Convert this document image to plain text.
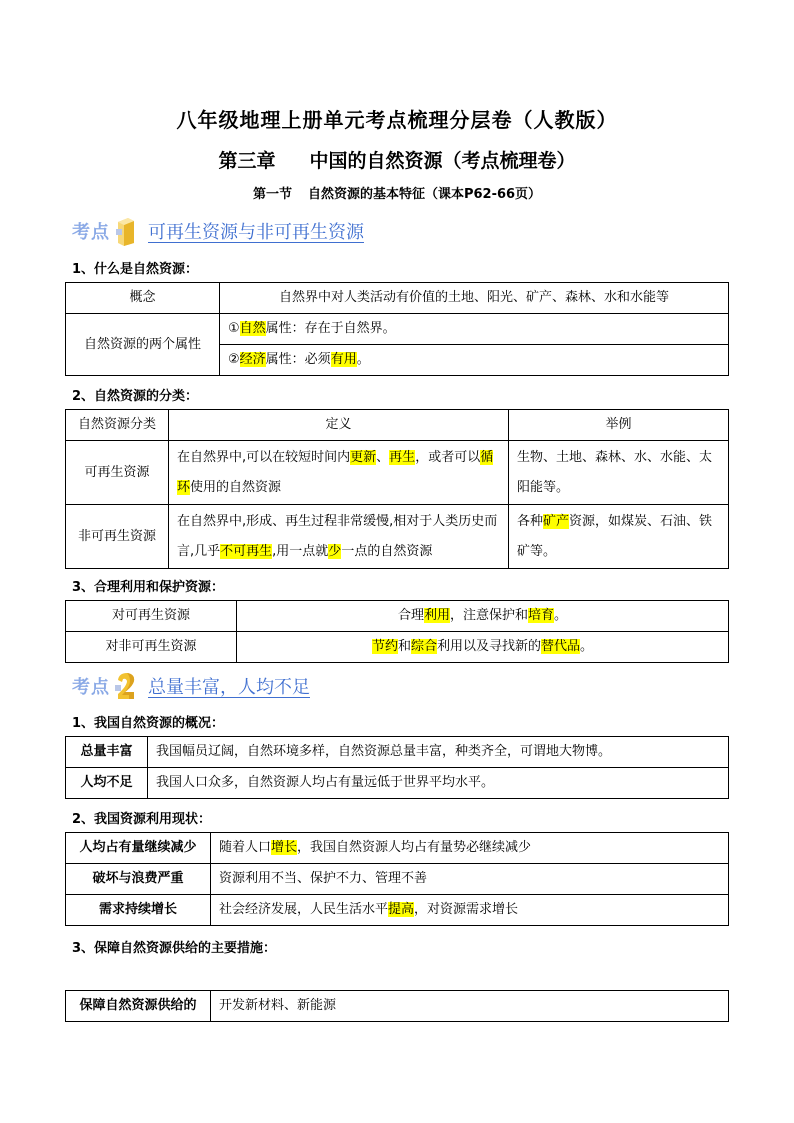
八年级地理上册单元考点梳理分层卷（人教版）
第三章 中国的自然资源（考点梳理卷）
第一节 自然资源的基本特征（课本P62-66页）
考点 可再生资源与非可再生资源
1、什么是自然资源：
概念	自然界中对人类活动有价值的土地、阳光、矿产、森林、水和水能等
自然资源的两个属性	①自然属性：存在于自然界。
	②经济属性：必须有用。
2、自然资源的分类：
自然资源分类	定义	举例
可再生资源	在自然界中,可以在较短时间内更新、再生，或者可以循环使用的自然资源	生物、土地、森林、水、水能、太阳能等。
非可再生资源	在自然界中,形成、再生过程非常缓慢,相对于人类历史而言,几乎不可再生,用一点就少一点的自然资源	各种矿产资源，如煤炭、石油、铁矿等。
3、合理利用和保护资源：
对可再生资源	合理利用，注意保护和培育。
对非可再生资源	节约和综合利用以及寻找新的替代品。
考点 总量丰富，人均不足
1、我国自然资源的概况：
总量丰富	我国幅员辽阔，自然环境多样，自然资源总量丰富，种类齐全，可谓地大物博。
人均不足	我国人口众多，自然资源人均占有量远低于世界平均水平。
2、我国资源利用现状：
人均占有量继续减少	随着人口增长，我国自然资源人均占有量势必继续减少
破坏与浪费严重	资源利用不当、保护不力、管理不善
需求持续增长	社会经济发展，人民生活水平提高，对资源需求增长
3、保障自然资源供给的主要措施：
保障自然资源供给的	开发新材料、新能源
